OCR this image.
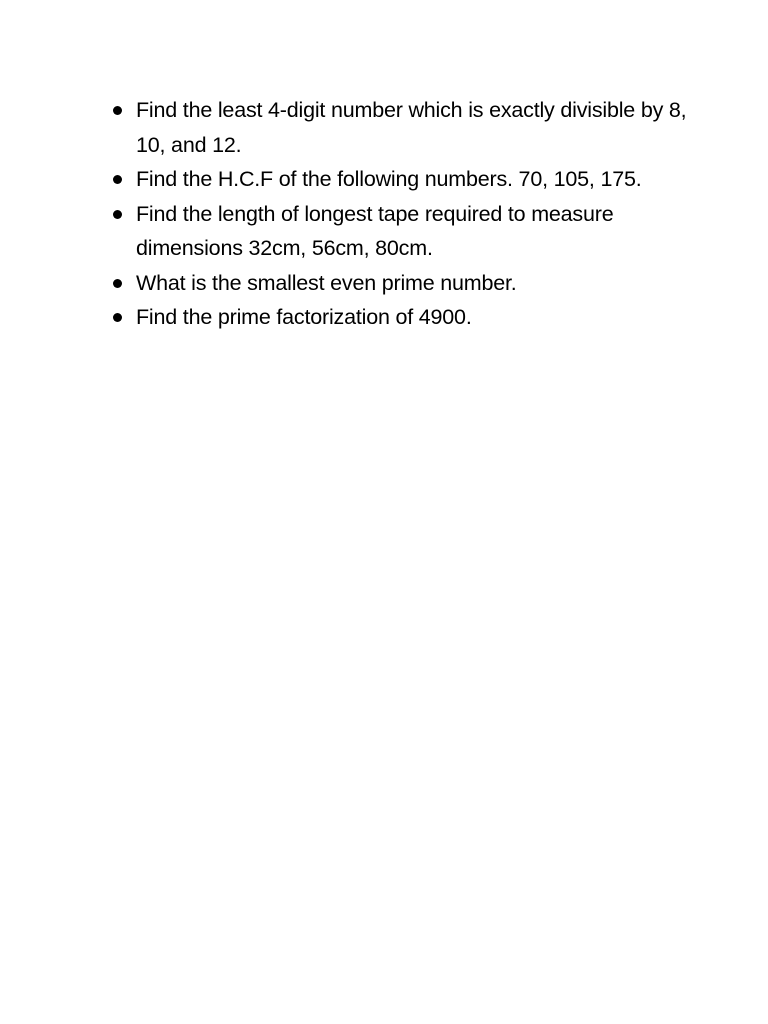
Find the least 4-digit number which is exactly divisible by 8, 10, and 12.
Find the H.C.F of the following numbers. 70, 105, 175.
Find the length of longest tape required to measure dimensions 32cm, 56cm, 80cm.
What is the smallest even prime number.
Find the prime factorization of 4900.
